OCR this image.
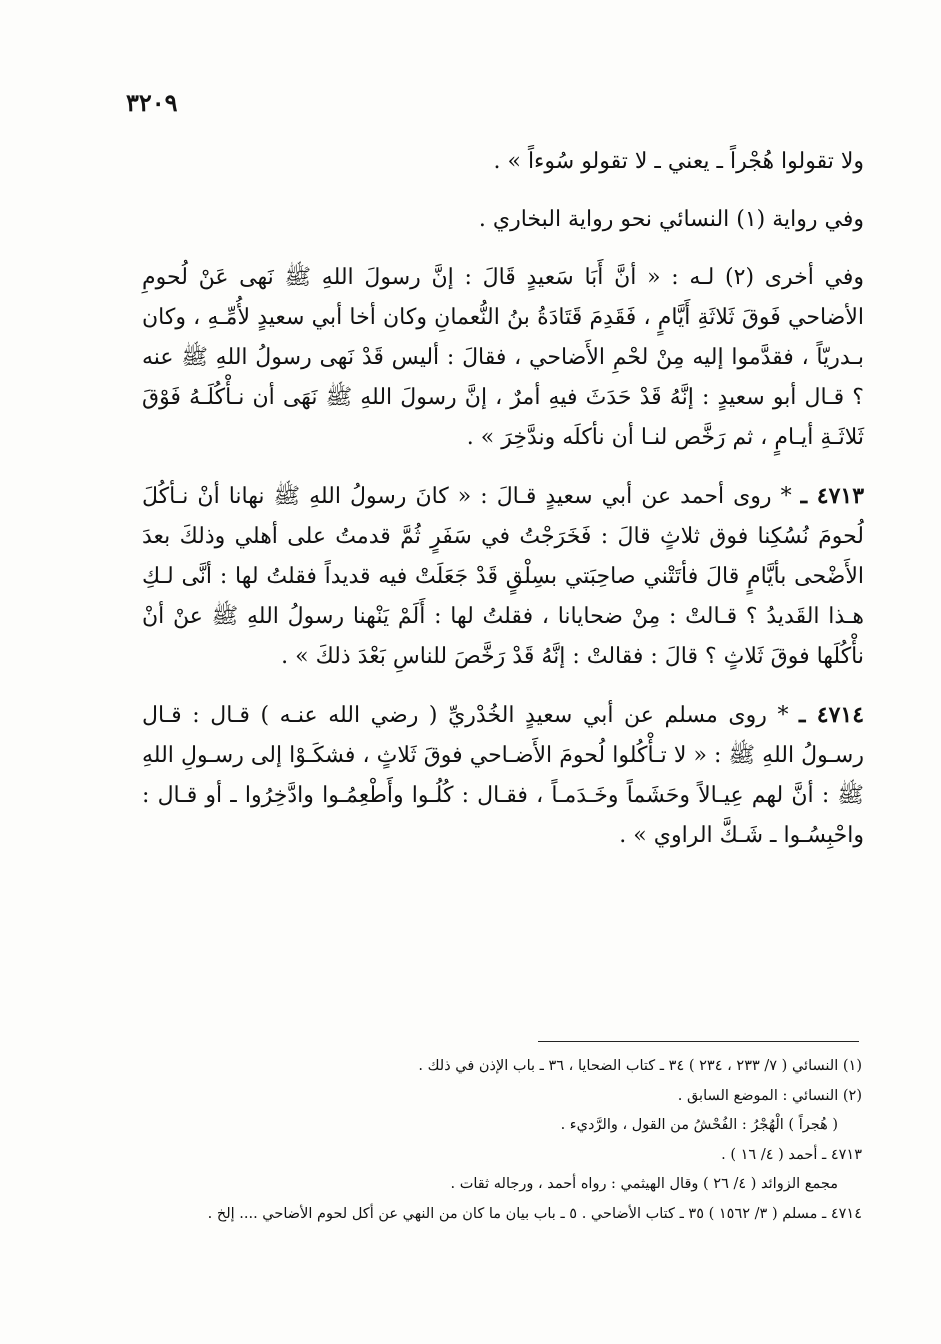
٣٢٠٩

ولا تقولوا هُجْراً ـ يعني ـ لا تقولو سُوءاً » .

وفي رواية (١) النسائي نحو رواية البخاري .

وفي أخرى (٢) لـه : « أنَّ أَبَا سَعيدٍ قَالَ : إنَّ رسولَ اللهِ ﷺ نَهى عَنْ لُحومِ الأضاحي فَوقَ ثَلاثَةِ أَيَّامٍ ، فَقَدِمَ قَتَادَةُ بنُ النُّعمانِ وكان أخا أبي سعيدٍ لأُمِّـهِ ، وكان بـدريّاً ، فقدَّموا إليه مِنْ لحْمِ الأَضاحي ، فقالَ : أليس قَدْ نَهى رسولُ اللهِ ﷺ عنه ؟ قـال أبو سعيدٍ : إنَّهُ قَدْ حَدَثَ فيهِ أمرٌ ، إنَّ رسولَ اللهِ ﷺ نَهَى أن نـأْكُلَـهُ فَوْقَ ثَلاثَـةِ أيـامٍ ، ثم رَخَّص لنـا أن نأكلَه وندَّخِرَ » .

٤٧١٣ ـ * روى أحمد عن أبي سعيدٍ قـالَ : « كانَ رسولُ اللهِ ﷺ نهانا أنْ نـأكُلَ لُحومَ نُسُكِنا فوق ثلاثٍ قالَ : فَخَرَجْتُ في سَفَرٍ ثُمَّ قدمتُ على أهلي وذلكَ بعدَ الأَضْحى بأيَّامٍ قالَ فأتَتْني صاحِبَتي بسِلْقٍ قَدْ جَعَلَتْ فيه قديداً فقلتُ لها : أنَّى لـكِ هـذا القَديدُ ؟ قـالتْ : مِنْ ضحايانا ، فقلتُ لها : أَلَمْ يَنْهنا رسولُ اللهِ ﷺ عنْ أنْ نأْكُلَها فوقَ ثَلاثٍ ؟ قالَ : فقالتْ : إنَّهُ قَدْ رَخَّصَ للناسِ بَعْدَ ذلكَ » .

٤٧١٤ ـ * روى مسلم عن أبي سعيدٍ الخُدْريِّ ( رضي الله عنـه ) قـال : قـال رسـولُ اللهِ ﷺ : « لا تـأْكُلوا لُحومَ الأَضـاحي فوقَ ثَلاثٍ ، فشكَـوْا إلى رسـولِ اللهِ ﷺ : أنَّ لهم عِيـالاً وحَشَماً وخَـدَمـاً ، فقـال : كُلُـوا وأَطْعِمُـوا وادَّخِرُوا ـ أو قـال : واحْبِسُـوا ـ شَـكَّ الراوي » .

(١) النسائي ( ٧/ ٢٣٣ ، ٢٣٤ ) ٣٤ ـ كتاب الضحايا ، ٣٦ ـ باب الإذن في ذلك .

(٢) النسائي : الموضع السابق .

( هُجراً ) الْهُجْرُ : الفُحْشُ من القول ، والرَّديء .

٤٧١٣ ـ أحمد ( ٤/ ١٦ ) .

مجمع الزوائد ( ٤/ ٢٦ ) وقال الهيثمي : رواه أحمد ، ورجاله ثقات .

٤٧١٤ ـ مسلم ( ٣/ ١٥٦٢ ) ٣٥ ـ كتاب الأضاحي . ٥ ـ باب بيان ما كان من النهي عن أكل لحوم الأضاحي .... إلخ .
